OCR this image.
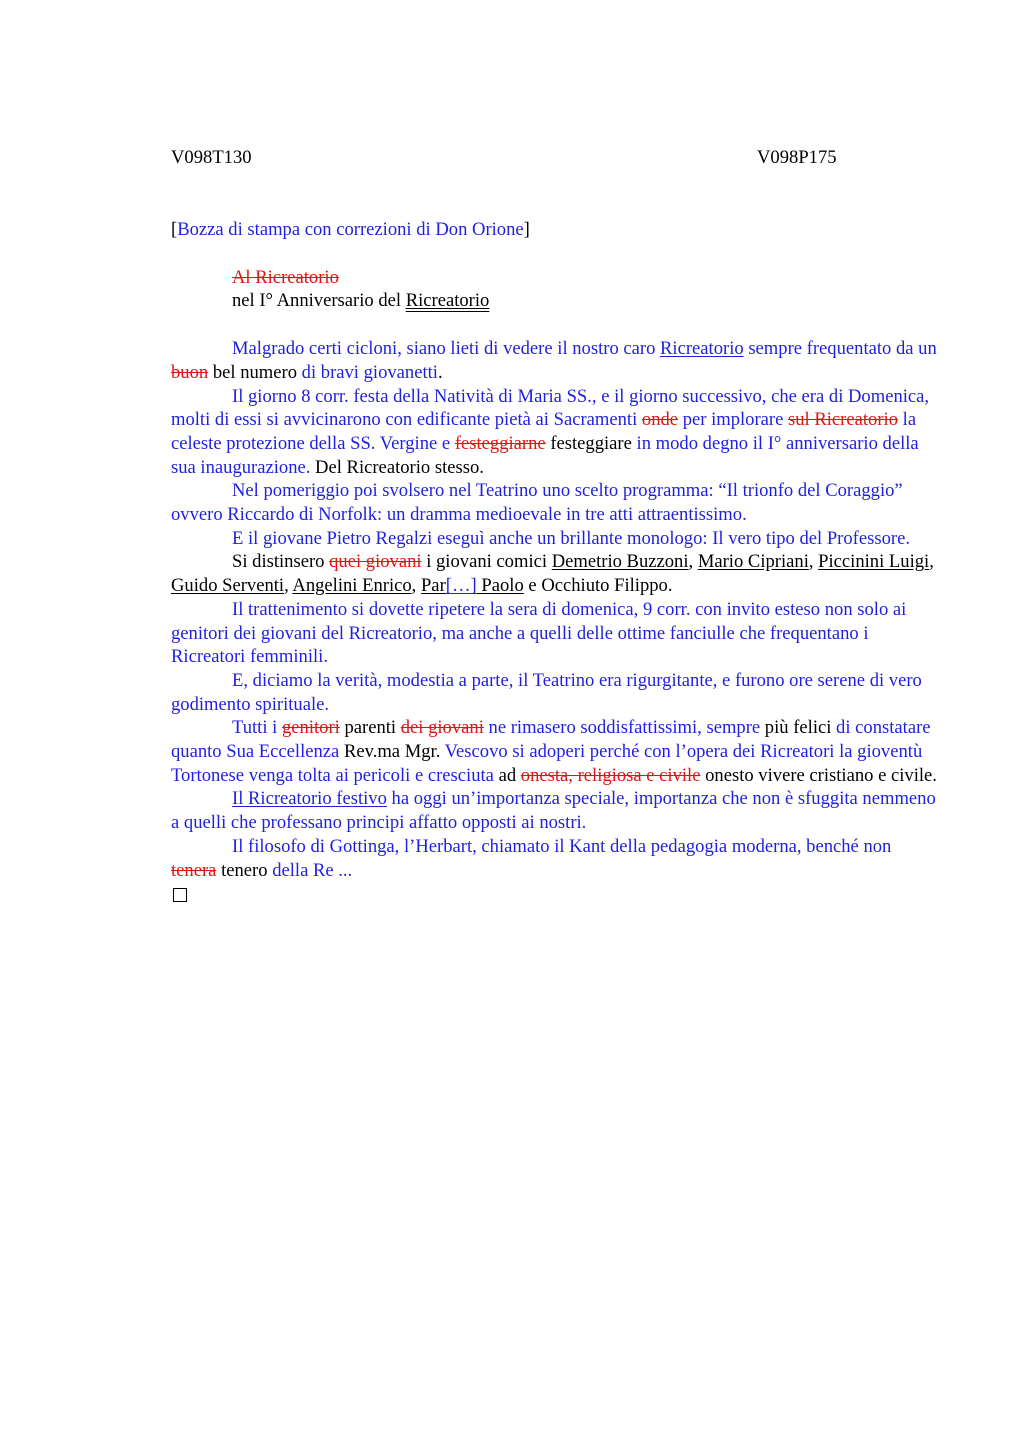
V098T130	V098P175
[Bozza di stampa con correzioni di Don Orione]
Al Ricreatorio
nel I° Anniversario del Ricreatorio

Malgrado certi cicloni, siano lieti di vedere il nostro caro Ricreatorio sempre frequentato da un buon bel numero di bravi giovanetti.

Il giorno 8 corr. festa della Natività di Maria SS., e il giorno successivo, che era di Domenica, molti di essi si avvicinarono con edificante pietà ai Sacramenti onde per implorare sul Ricreatorio la celeste protezione della SS. Vergine e festeggiarne festeggiare in modo degno il I° anniversario della sua inaugurazione. Del Ricreatorio stesso.

Nel pomeriggio poi svolsero nel Teatrino uno scelto programma: “Il trionfo del Coraggio” ovvero Riccardo di Norfolk: un dramma medioevale in tre atti attraentissimo.

E il giovane Pietro Regalzi eseguì anche un brillante monologo: Il vero tipo del Professore.

Si distinsero quei giovani i giovani comici Demetrio Buzzoni, Mario Cipriani, Piccinini Luigi, Guido Serventi, Angelini Enrico, Par[…] Paolo e Occhiuto Filippo.

Il trattenimento si dovette ripetere la sera di domenica, 9 corr. con invito esteso non solo ai genitori dei giovani del Ricreatorio, ma anche a quelli delle ottime fanciulle che frequentano i Ricreatori femminili.

E, diciamo la verità, modestia a parte, il Teatrino era rigurgitante, e furono ore serene di vero godimento spirituale.

Tutti i genitori parenti dei giovani ne rimasero soddisfattissimi, sempre più felici di constatare quanto Sua Eccellenza Rev.ma Mgr. Vescovo si adoperi perché con l’opera dei Ricreatori la gioventù Tortonese venga tolta ai pericoli e cresciuta ad onesta, religiosa e civile onesto vivere cristiano e civile.

Il Ricreatorio festivo ha oggi un’importanza speciale, importanza che non è sfuggita nemmeno a quelli che professano principi affatto opposti ai nostri.

Il filosofo di Gottinga, l’Herbart, chiamato il Kant della pedagogia moderna, benché non tenera tenero della Re ...
